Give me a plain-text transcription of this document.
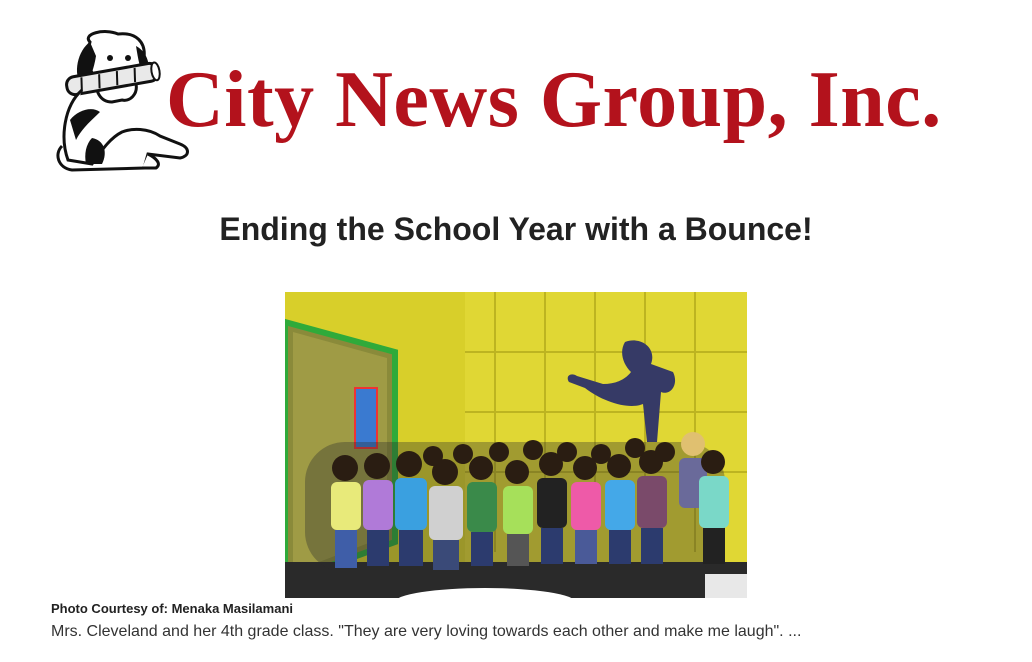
City News Group, Inc.
Ending the School Year with a Bounce!
Photo Courtesy of: Menaka Masilamani
Mrs. Cleveland and her 4th grade class. "They are very loving towards each other and make me laugh". ...
